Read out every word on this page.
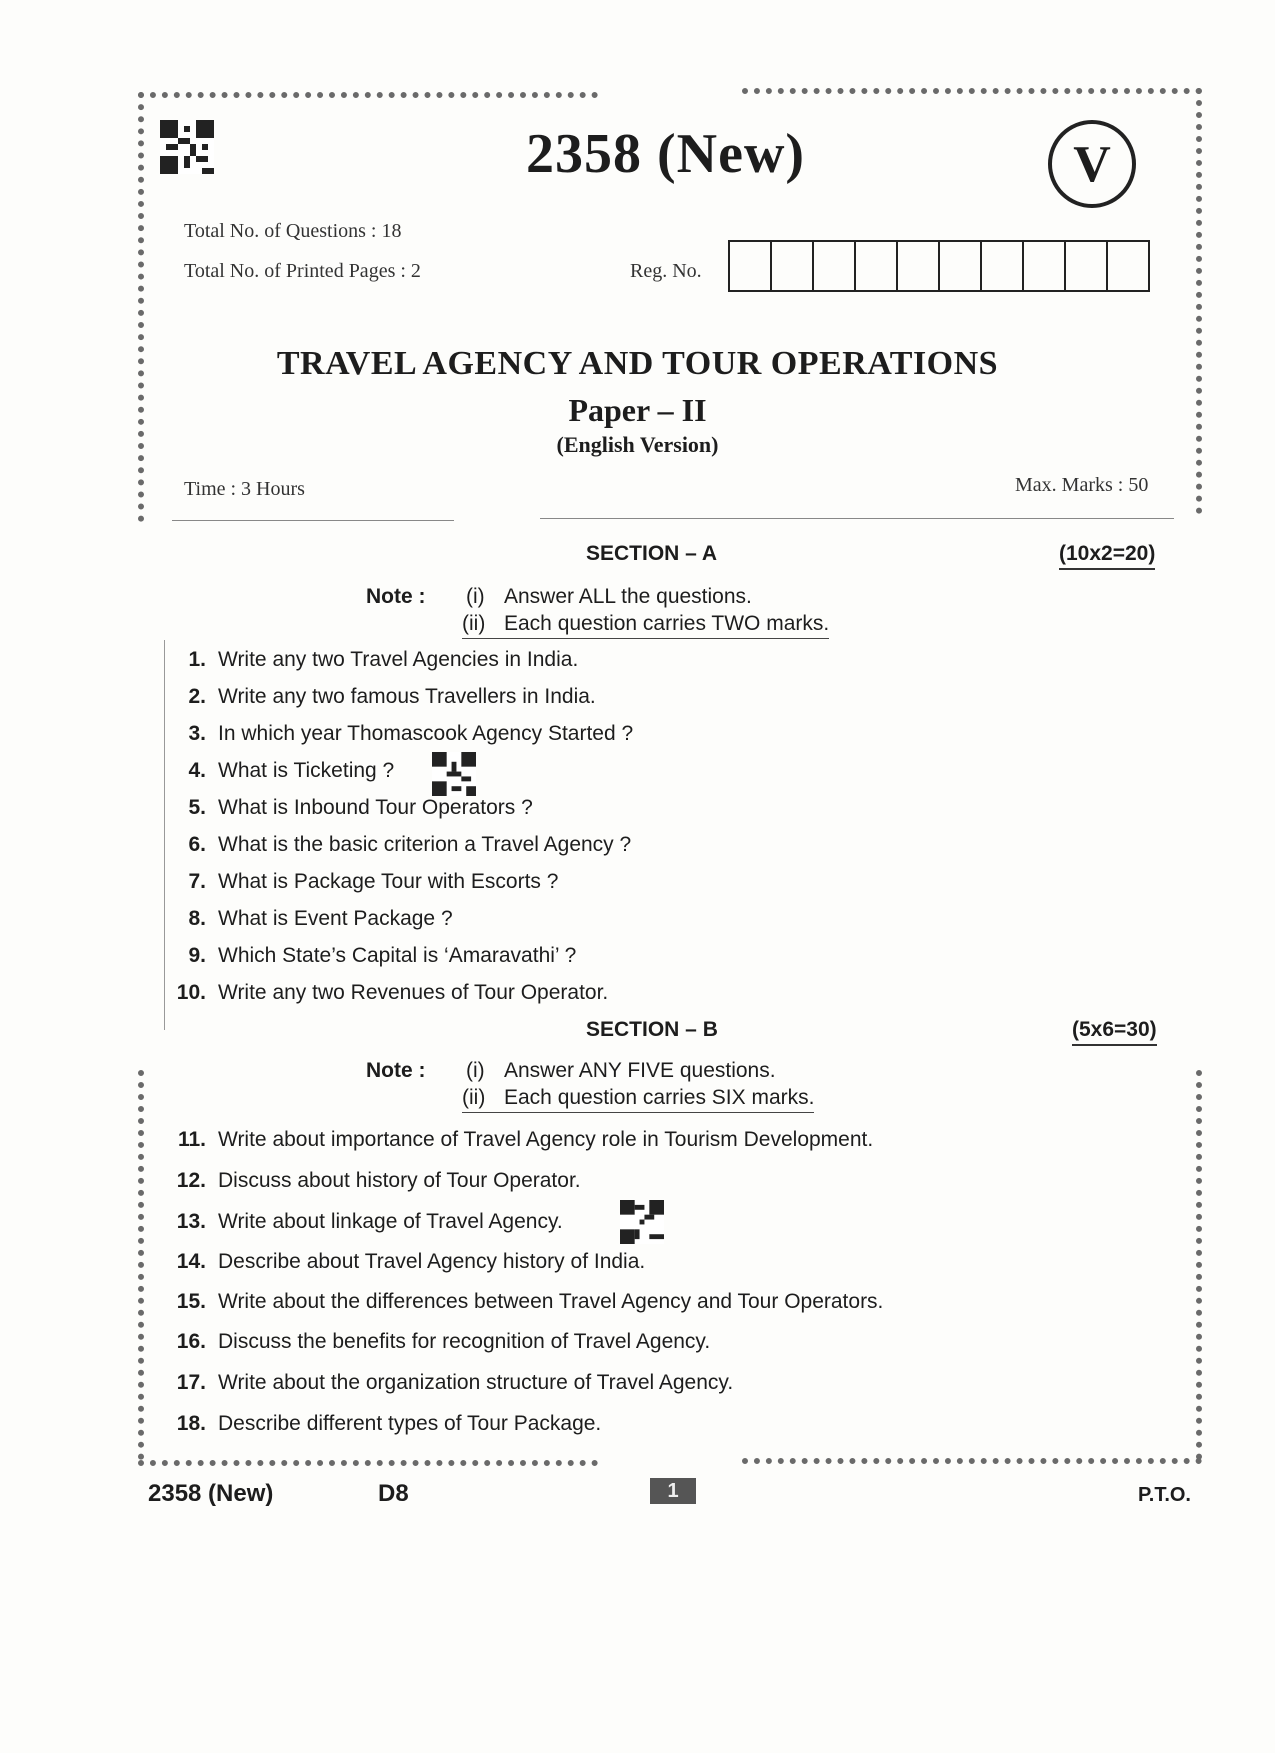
2358 (New)	V
Total No. of Questions : 18
Total No. of Printed Pages : 2	Reg. No.
TRAVEL AGENCY AND TOUR OPERATIONS
Paper – II
(English Version)
Time : 3 Hours	Max. Marks : 50
SECTION – A	(10x2=20)
Note : (i) Answer ALL the questions.
(ii) Each question carries TWO marks.
1. Write any two Travel Agencies in India.
2. Write any two famous Travellers in India.
3. In which year Thomascook Agency Started ?
4. What is Ticketing ?
5. What is Inbound Tour Operators ?
6. What is the basic criterion a Travel Agency ?
7. What is Package Tour with Escorts ?
8. What is Event Package ?
9. Which State’s Capital is ‘Amaravathi’ ?
10. Write any two Revenues of Tour Operator.
SECTION – B	(5x6=30)
Note : (i) Answer ANY FIVE questions.
(ii) Each question carries SIX marks.
11. Write about importance of Travel Agency role in Tourism Development.
12. Discuss about history of Tour Operator.
13. Write about linkage of Travel Agency.
14. Describe about Travel Agency history of India.
15. Write about the differences between Travel Agency and Tour Operators.
16. Discuss the benefits for recognition of Travel Agency.
17. Write about the organization structure of Travel Agency.
18. Describe different types of Tour Package.
2358 (New)	D8	1	P.T.O.
